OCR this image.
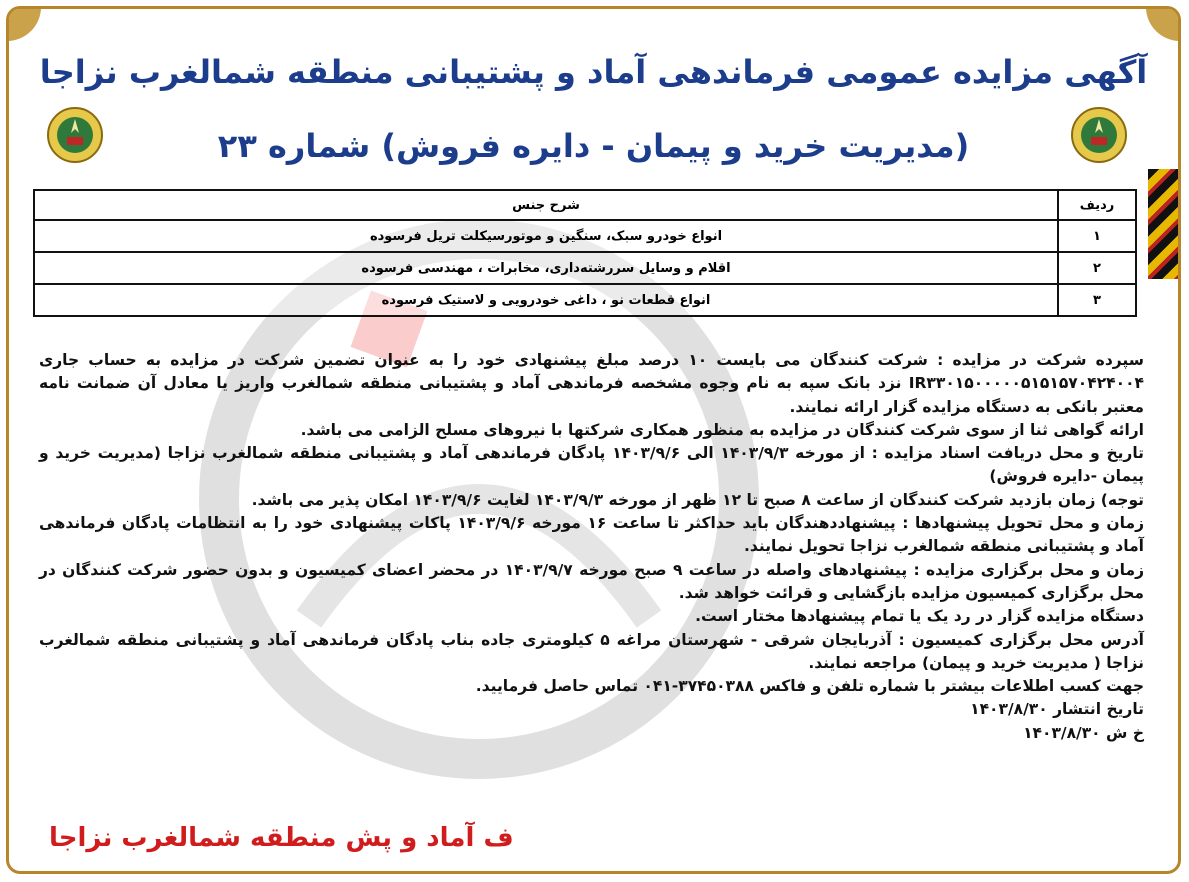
آگهی مزایده عمومی فرماندهی آماد و پشتیبانی منطقه شمالغرب نزاجا
(مدیریت خرید و پیمان - دایره فروش) شماره ۲۳
ردیف	شرح جنس
۱	انواع خودرو سبک، سنگین و موتورسیکلت تریل فرسوده
۲	اقلام و وسایل سررشته‌داری، مخابرات ، مهندسی فرسوده
۳	انواع قطعات نو ، داغی خودرویی و لاستیک فرسوده

سپرده شرکت در مزایده : شرکت کنندگان می بایست ۱۰ درصد مبلغ پیشنهادی خود را به عنوان تضمین شرکت در مزایده به حساب جاری IR۳۳۰۱۵۰۰۰۰۰۵۱۵۱۵۷۰۴۲۴۰۰۴ نزد بانک سپه به نام وجوه مشخصه فرماندهی آماد و پشتیبانی منطقه شمالغرب واریز یا معادل آن ضمانت نامه معتبر بانکی به دستگاه مزایده گزار ارائه نمایند.

ارائه گواهی ثنا از سوی شرکت کنندگان در مزایده به منظور همکاری شرکتها با نیروهای مسلح الزامی می باشد.

تاریخ و محل دریافت اسناد مزایده : از مورخه ۱۴۰۳/۹/۳ الی ۱۴۰۳/۹/۶ پادگان فرماندهی آماد و پشتیبانی منطقه شمالغرب نزاجا (مدیریت خرید و پیمان -دایره فروش)

توجه) زمان بازدید شرکت کنندگان از ساعت ۸ صبح تا ۱۲ ظهر از مورخه ۱۴۰۳/۹/۳ لغایت ۱۴۰۳/۹/۶ امکان پذیر می باشد.

زمان و محل تحویل پیشنهادها : پیشنهاددهندگان باید حداکثر تا ساعت ۱۶ مورخه ۱۴۰۳/۹/۶ پاکات پیشنهادی خود را به انتظامات پادگان فرماندهی آماد و پشتیبانی منطقه شمالغرب نزاجا تحویل نمایند.

زمان و محل برگزاری مزایده : پیشنهادهای واصله در ساعت ۹ صبح مورخه ۱۴۰۳/۹/۷ در محضر اعضای کمیسیون و بدون حضور شرکت کنندگان در محل برگزاری کمیسیون مزایده بازگشایی و قرائت خواهد شد.

دستگاه مزایده گزار در رد یک یا تمام پیشنهادها مختار است.

آدرس محل برگزاری کمیسیون : آذربایجان شرقی - شهرستان مراغه ۵ کیلومتری جاده بناب پادگان فرماندهی آماد و پشتیبانی منطقه شمالغرب نزاجا ( مدیریت خرید و پیمان) مراجعه نمایند.

جهت کسب اطلاعات بیشتر با شماره تلفن و فاکس ۳۷۴۵۰۳۸۸-۰۴۱ تماس حاصل فرمایید.

تاریخ انتشار ۱۴۰۳/۸/۳۰

خ ش ۱۴۰۳/۸/۳۰

ف آماد و پش منطقه شمالغرب نزاجا
